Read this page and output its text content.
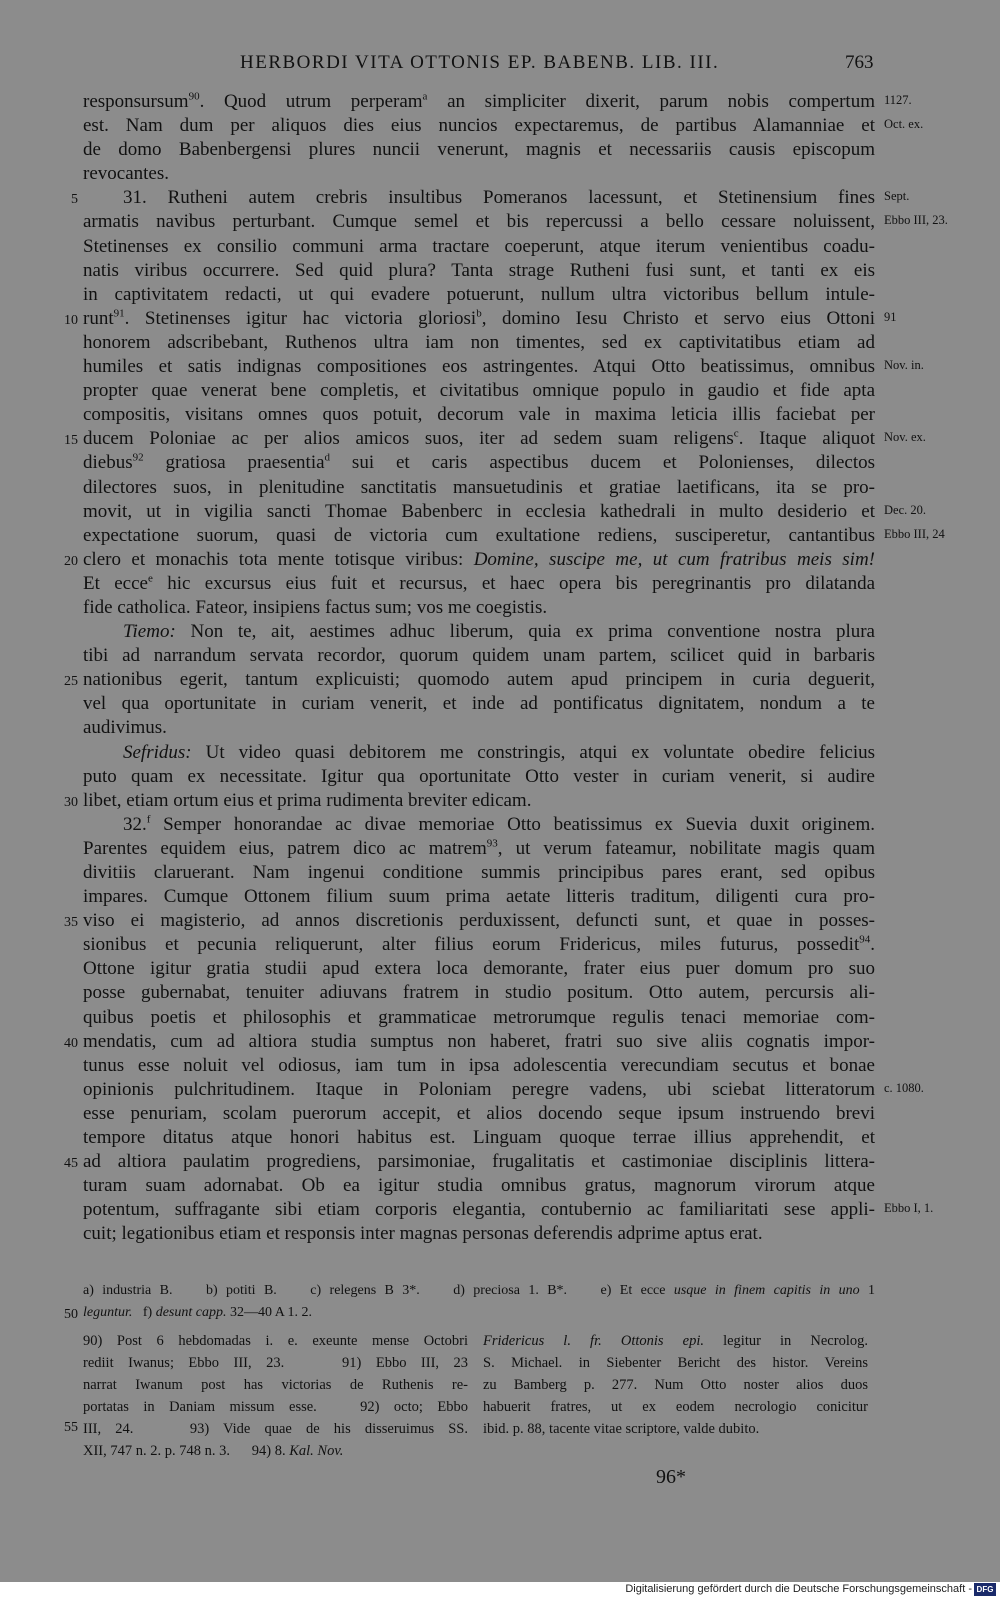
HERBORDI VITA OTTONIS EP. BABENB. LIB. III.	763
responsursum$^{90}$. Quod utrum perperam$^a$ an simpliciter dixerit, parum nobis compertum 1127.
est. Nam dum per aliquos dies eius nuncios expectaremus, de partibus Alamanniae et Oct. ex.
de domo Babenbergensi plures nuncii venerunt, magnis et necessariis causis episcopum
revocantes.
5	31. Rutheni autem crebris insultibus Pomeranos lacessunt, et Stetinensium fines Sept.
armatis navibus perturbant. Cumque semel et bis repercussi a bello cessare noluissent, Ebbo III, 23.
Stetinenses ex consilio communi arma tractare coeperunt, atque iterum venientibus coadu-
natis viribus occurrere. Sed quid plura? Tanta strage Rutheni fusi sunt, et tanti ex eis
in captivitatem redacti, ut qui evadere potuerunt, nullum ultra victoribus bellum intule-
10 runt$^{91}$. Stetinenses igitur hac victoria gloriosi$^b$, domino Iesu Christo et servo eius Ottoni 91
honorem adscribebant, Ruthenos ultra iam non timentes, sed ex captivitatibus etiam ad
humiles et satis indignas compositiones eos astringentes. Atqui Otto beatissimus, omnibus Nov. in.
propter quae venerat bene completis, et civitatibus omnique populo in gaudio et fide apta
compositis, visitans omnes quos potuit, decorum vale in maxima leticia illis faciebat per
15 ducem Poloniae ac per alios amicos suos, iter ad sedem suam religens$^c$. Itaque aliquot Nov. ex.
diebus$^{92}$ gratiosa praesentia$^d$ sui et caris aspectibus ducem et Polonienses, dilectos
dilectores suos, in plenitudine sanctitatis mansuetudinis et gratiae laetificans, ita se pro-
movit, ut in vigilia sancti Thomae Babenberc in ecclesia kathedrali in multo desiderio et Dec. 20.
expectatione suorum, quasi de victoria cum exultatione rediens, susciperetur, cantantibus Ebbo III, 24
20 clero et monachis tota mente totisque viribus: Domine, suscipe me, ut cum fratribus meis sim!
Et ecce$^e$ hic excursus eius fuit et recursus, et haec opera bis peregrinantis pro dilatanda
fide catholica. Fateor, insipiens factus sum; vos me coegistis.
Tiemo: Non te, ait, aestimes adhuc liberum, quia ex prima conventione nostra plura
tibi ad narrandum servata recordor, quorum quidem unam partem, scilicet quid in barbaris
25 nationibus egerit, tantum explicuisti; quomodo autem apud principem in curia deguerit,
vel qua oportunitate in curiam venerit, et inde ad pontificatus dignitatem, nondum a te
audivimus.
Sefridus: Ut video quasi debitorem me constringis, atqui ex voluntate obedire felicius
puto quam ex necessitate. Igitur qua oportunitate Otto vester in curiam venerit, si audire
30 libet, etiam ortum eius et prima rudimenta breviter edicam.
32.$^f$ Semper honorandae ac divae memoriae Otto beatissimus ex Suevia duxit originem.
Parentes equidem eius, patrem dico ac matrem$^{93}$, ut verum fateamur, nobilitate magis quam
divitiis claruerant. Nam ingenui conditione summis principibus pares erant, sed opibus
impares. Cumque Ottonem filium suum prima aetate litteris traditum, diligenti cura pro-
35 viso ei magisterio, ad annos discretionis perduxissent, defuncti sunt, et quae in posses-
sionibus et pecunia reliquerunt, alter filius eorum Fridericus, miles futurus, possedit$^{94}$.
Ottone igitur gratia studii apud extera loca demorante, frater eius puer domum pro suo
posse gubernabat, tenuiter adiuvans fratrem in studio positum. Otto autem, percursis ali-
quibus poetis et philosophis et grammaticae metrorumque regulis tenaci memoriae com-
40 mendatis, cum ad altiora studia sumptus non haberet, fratri suo sive aliis cognatis impor-
tunus esse noluit vel odiosus, iam tum in ipsa adolescentia verecundiam secutus et bonae
opinionis pulchritudinem. Itaque in Poloniam peregre vadens, ubi sciebat litteratorum c. 1080.
esse penuriam, scolam puerorum accepit, et alios docendo seque ipsum instruendo brevi
tempore ditatus atque honori habitus est. Linguam quoque terrae illius apprehendit, et
45 ad altiora paulatim progrediens, parsimoniae, frugalitatis et castimoniae disciplinis littera-
turam suam adornabat. Ob ea igitur studia omnibus gratus, magnorum virorum atque
potentum, suffragante sibi etiam corporis elegantia, contubernio ac familiaritati sese appli- Ebbo I, 1.
cuit; legationibus etiam et responsis inter magnas personas deferendis adprime aptus erat.
a) industria B.    b) potiti B.    c) relegens B 3*.    d) preciosa 1. B*.    e) Et ecce usque in finem capitis in uno 1
50 leguntur.   f) desunt capp. 32—40 A 1. 2.
90) Post 6 hebdomadas i. e. exeunte mense Octobri
rediit Iwanus; Ebbo III, 23.    91) Ebbo III, 23
narrat Iwanum post has victorias de Ruthenis re-
portatas in Daniam missum esse.   92) octo; Ebbo
III, 24.    93) Vide quae de his disseruimus SS.
XII, 747 n. 2. p. 748 n. 3.      94) 8. Kal. Nov.
Fridericus l. fr. Ottonis epi. legitur in Necrolog.
S. Michael. in Siebenter Bericht des histor. Vereins
zu Bamberg p. 277. Num Otto noster alios duos
habuerit fratres, ut ex eodem necrologio conicitur
ibid. p. 88, tacente vitae scriptore, valde dubito.
55
96*
Digitalisierung gefördert durch die Deutsche Forschungsgemeinschaft - DFG
